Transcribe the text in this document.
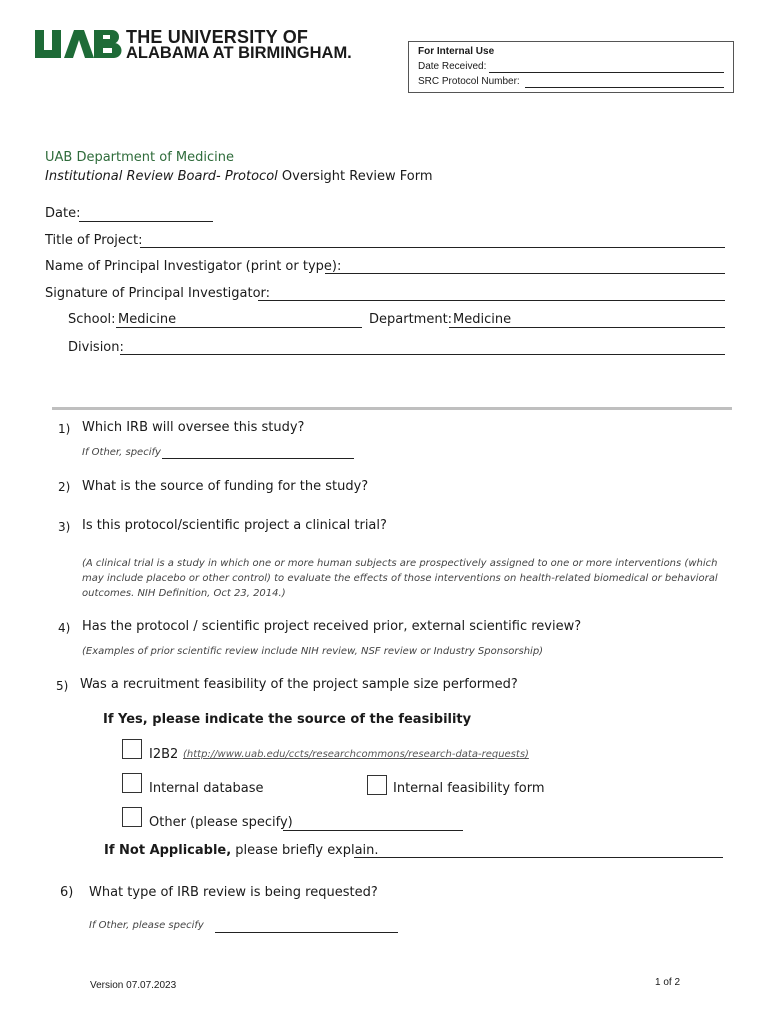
THE UNIVERSITY OF
ALABAMA AT BIRMINGHAM.	For Internal Use
Date Received:
SRC Protocol Number:
UAB Department of Medicine
Institutional Review Board- Protocol Oversight Review Form
Date:
Title of Project:
Name of Principal Investigator (print or type):
Signature of Principal Investigator:
School: Medicine	Department: Medicine
Division:
1) Which IRB will oversee this study?
If Other, specify
2) What is the source of funding for the study?
3) Is this protocol/scientific project a clinical trial?
(A clinical trial is a study in which one or more human subjects are prospectively assigned to one or more interventions (which may include placebo or other control) to evaluate the effects of those interventions on health-related biomedical or behavioral outcomes. NIH Definition, Oct 23, 2014.)
4) Has the protocol / scientific project received prior, external scientific review?
(Examples of prior scientific review include NIH review, NSF review or Industry Sponsorship)
5) Was a recruitment feasibility of the project sample size performed?
If Yes, please indicate the source of the feasibility
I2B2 (http://www.uab.edu/ccts/researchcommons/research-data-requests)
Internal database	Internal feasibility form
Other (please specify)
If Not Applicable, please briefly explain.
6) What type of IRB review is being requested?
If Other, please specify
Version 07.07.2023	1 of 2
